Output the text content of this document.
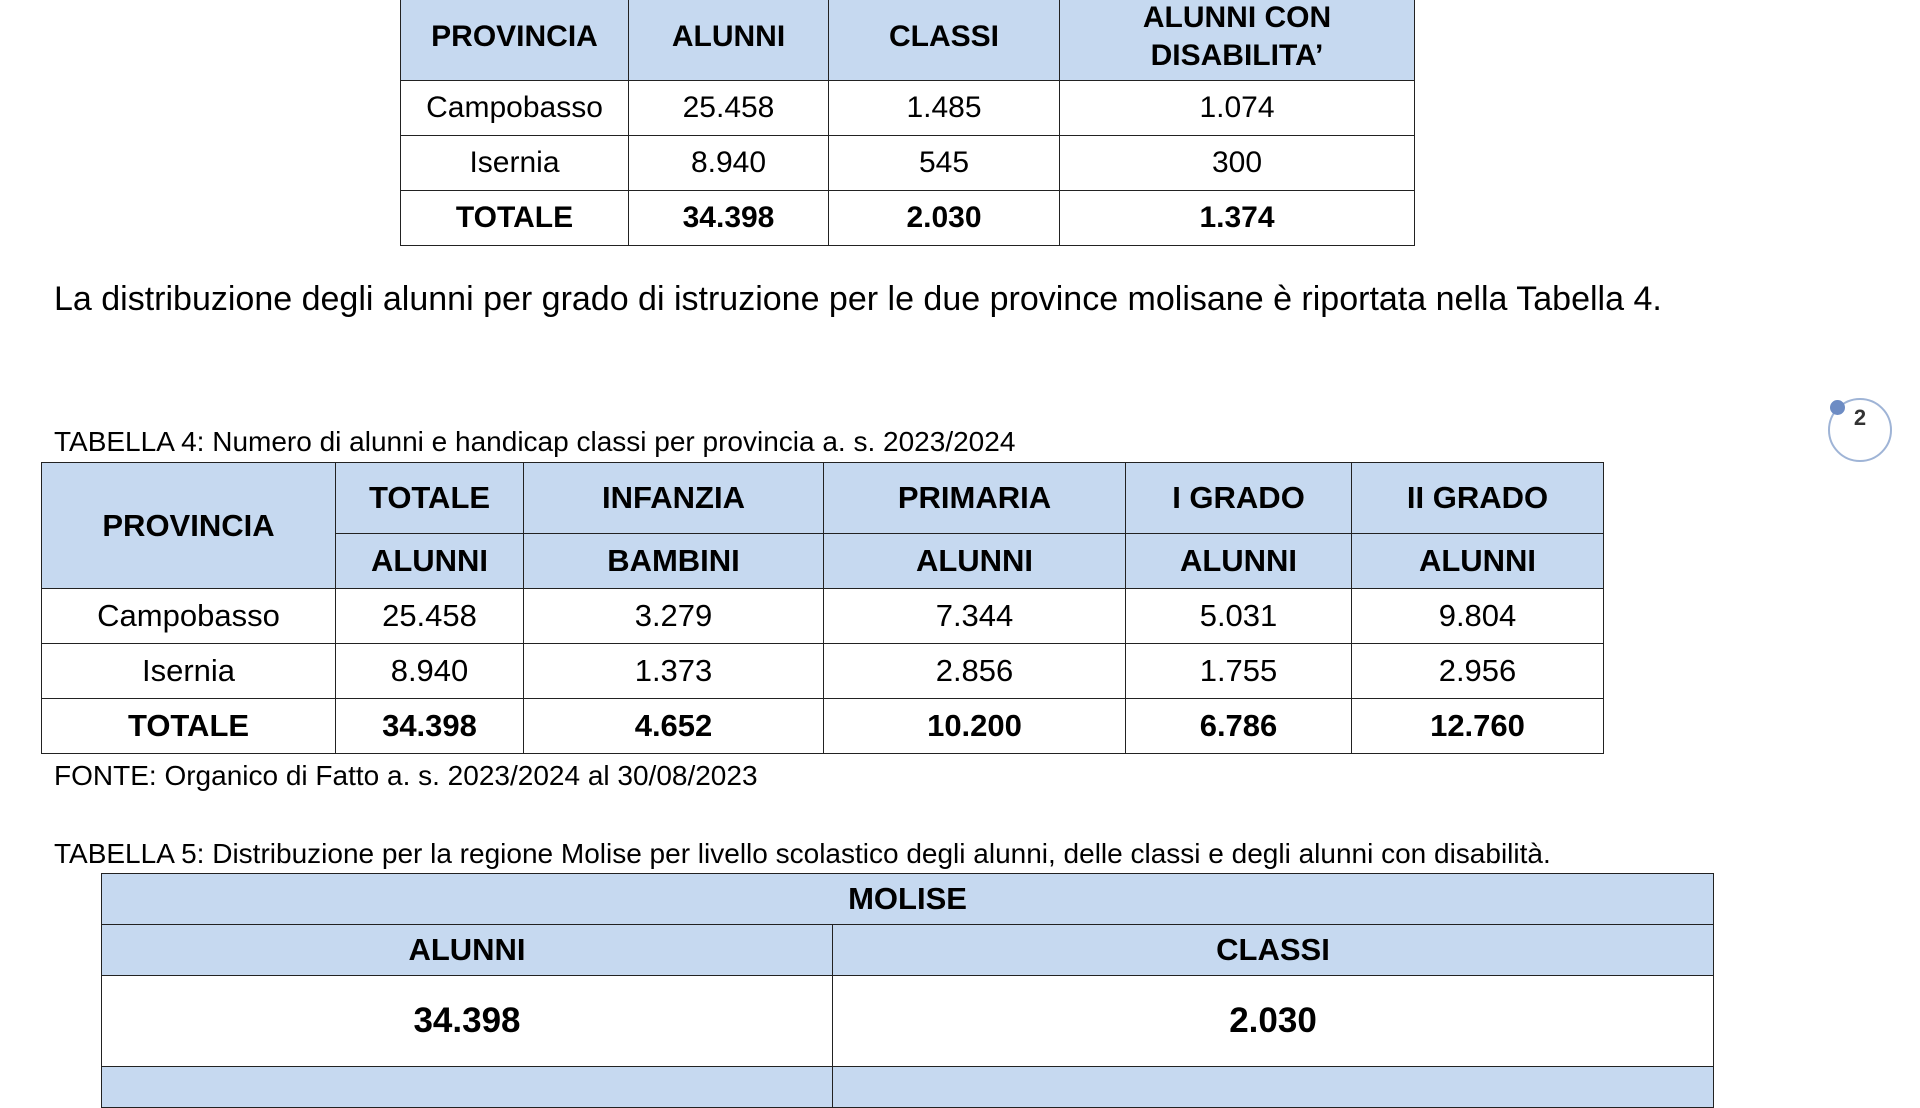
PROVINCIA	ALUNNI	CLASSI	ALUNNI CON DISABILITA’
Campobasso	25.458	1.485	1.074
Isernia	8.940	545	300
TOTALE	34.398	2.030	1.374

La distribuzione degli alunni per grado di istruzione per le due province molisane è riportata nella Tabella 4.

TABELLA 4: Numero di alunni e handicap classi per provincia a. s. 2023/2024

PROVINCIA	TOTALE	INFANZIA	PRIMARIA	I GRADO	II GRADO
	ALUNNI	BAMBINI	ALUNNI	ALUNNI	ALUNNI
Campobasso	25.458	3.279	7.344	5.031	9.804
Isernia	8.940	1.373	2.856	1.755	2.956
TOTALE	34.398	4.652	10.200	6.786	12.760

FONTE: Organico di Fatto a. s. 2023/2024 al 30/08/2023

TABELLA 5: Distribuzione per la regione Molise per livello scolastico degli alunni, delle classi e degli alunni con disabilità.

MOLISE	
ALUNNI	CLASSI
34.398	2.030

2
